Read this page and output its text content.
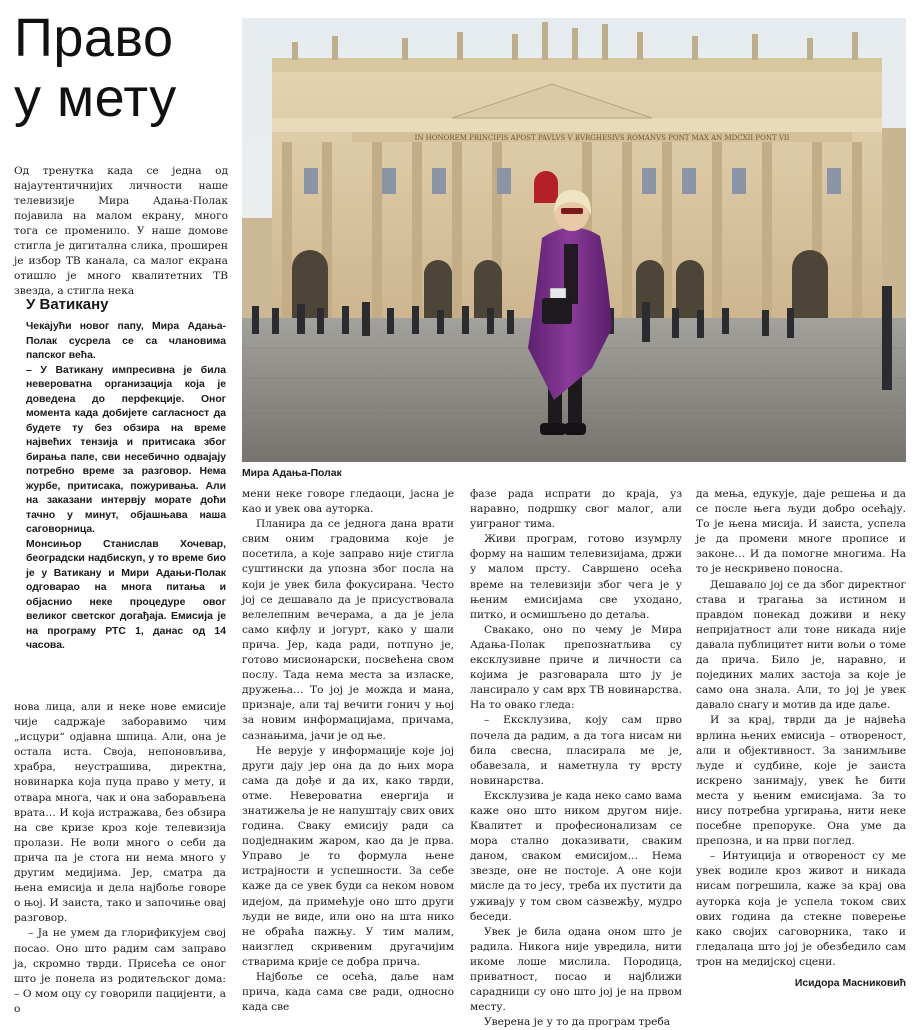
Право
у мету

Од тренутка када се једна од најаутентичнијих личности наше телевизије Мира Адања-Полак појавила на малом екрану, много тога се променило. У наше домове стигла је дигитална слика, проширен је избор ТВ канала, са малог екрана отишло је много квалитетних ТВ звезда, а стигла нека

У Ватикану

Чекајући новог папу, Мира Адања-Полак сусрела се са члановима папског већа.

– У Ватикану импресивна је била невероватна организација која је доведена до перфекције. Оног момента када добијете сагласност да будете ту без обзира на време највећих тензија и притисака због бирања папе, сви несебично одвајају потребно време за разговор. Нема журбе, притисака, пожуривања. Али на заказани интервју морате доћи тачно у минут, објашњава наша саговорница.

Монсињор Станислав Хочевар, београдски надбискуп, у то време био је у Ватикану и Мири Адањи-Полак одговарао на многа питања и објаснио неке процедуре овог великог светског догађаја. Емисија је на програму РТС 1, данас од 14 часова.

IN HONOREM PRINCIPIS APOST PAVLVS V BVRGHESIVS ROMANVS PONT MAX AN MDCXII PONT VII

Мира Адања-Полак

нова лица, али и неке нове емисије чије садржаје заборавимо чим „исцури“ одјавна шпица. Али, она је остала иста. Своја, непоновљива, храбра, неустрашива, директна, новинарка која пуца право у мету, и отвара многа, чак и она заборављена врата… И која истражава, без обзира на све кризе кроз које телевизија пролази. Не воли много о себи да прича па је стога ни нема много у другим медијима. Јер, сматра да њена емисија и дела најбоље говоре о њој. И заиста, тако и започиње овај разговор.

– Ја не умем да глорификујем свој посао. Оно што радим сам заправо ја, скромно тврди. Присећа се оног што је понела из родитељског дома: – О мом оцу су говорили пацијенти, а о

мени неке говоре гледаоци, јасна је као и увек ова ауторка.

Планира да се једнога дана врати свим оним градовима које је посетила, а које заправо није стигла суштински да упозна због посла на који је увек била фокусирана. Често јој се дешавало да је присуствовала велелепним вечерама, а да је јела само кифлу и јогурт, како у шали прича. Јер, када ради, потпуно је, готово мисионарски, посвећена свом послу. Тада нема места за изласке, дружења… То јој је можда и мана, признаје, али тај вечити гонич у њој за новим информацијама, причама, сазнањима, јачи је од ње.

Не верује у информације које јој други дају јер она да до њих мора сама да дође и да их, како тврди, отме. Невероватна енергија и знатижеља је не напуштају свих ових година. Свакy емисију ради са подједнаким жаром, као да је прва. Управо је то формула њене истрајности и успешности. За себе каже да се увек буди са неком новом идејом, да примећује оно што други људи не виде, или оно на шта нико не обраћа пажњу. У тим малим, наизглед скривеним другачијим стварима крије се добра прича.

Најбоље се осећа, даље нам прича, када сама све ради, односно када све

фазе рада испрати до краја, уз наравно, подршку свог малог, али уиграног тима.

Живи програм, готово изумрлу форму на нашим телевизијама, држи у малом прсту. Савршено осећа време на телевизији због чега је у њеним емисијама све уходано, питко, и осмишљено до детаља.

Свакако, оно по чему је Мира Адања-Полак препознатљива су ексклузивне приче и личности са којима је разговарала што ју је лансирало у сам врх ТВ новинарства. На то овако гледа:

– Ексклузива, коју сам прво почела да радим, а да тога нисам ни била свесна, пласирала ме је, обавезала, и наметнула ту врсту новинарства.

Ексклузива је када неко само вама каже оно што ником другом није. Квалитет и професионализам се морa стално доказивати, сваким даном, сваком емисијом… Нема звезде, оне не постоје. А оне који мисле да то јесу, треба их пустити да уживају у том свом сазвежђу, мудро беседи.

Увек је била одана оном што је радила. Никога није увредила, нити икоме лоше мислила. Породица, приватност, посао и најближи сарадници су оно што јој је на првом месту.

Уверена је у то да програм треба

да мења, едукује, даје решења и да се после њега људи добро осећају. То је њена мисија. И заиста, успела је да промени многе прописе и законе… И да помогне многима. На то је нескривено поносна.

Дешавало јој се да због директног става и трагања за истином и правдом понекад доживи и неку непријатност али тоне никада није давала публицитет нити вољи о томе да прича. Било је, наравно, и појединих малих застоја за које је само она знала. Али, то јој је увек давало снагу и мотив да иде даље.

И за крај, тврди да је највећа врлина њених емисија – отвореност, али и објективност. За занимљиве људе и судбине, које је заиста искрено занимају, увек ће бити места у њеним емисијама. За то нису потребна ургирања, нити неке посебне препоруке. Она уме да препозна, и на први поглед.

– Интуиција и отвореност су ме увек водиле кроз живот и никада нисам погрешила, каже за крај ова ауторка која је успела током свих ових година да стекне поверење како својих саговорника, тако и гледалаца што јој је обезбедило сам трон на медијској сцени.

Исидора Масниковић
